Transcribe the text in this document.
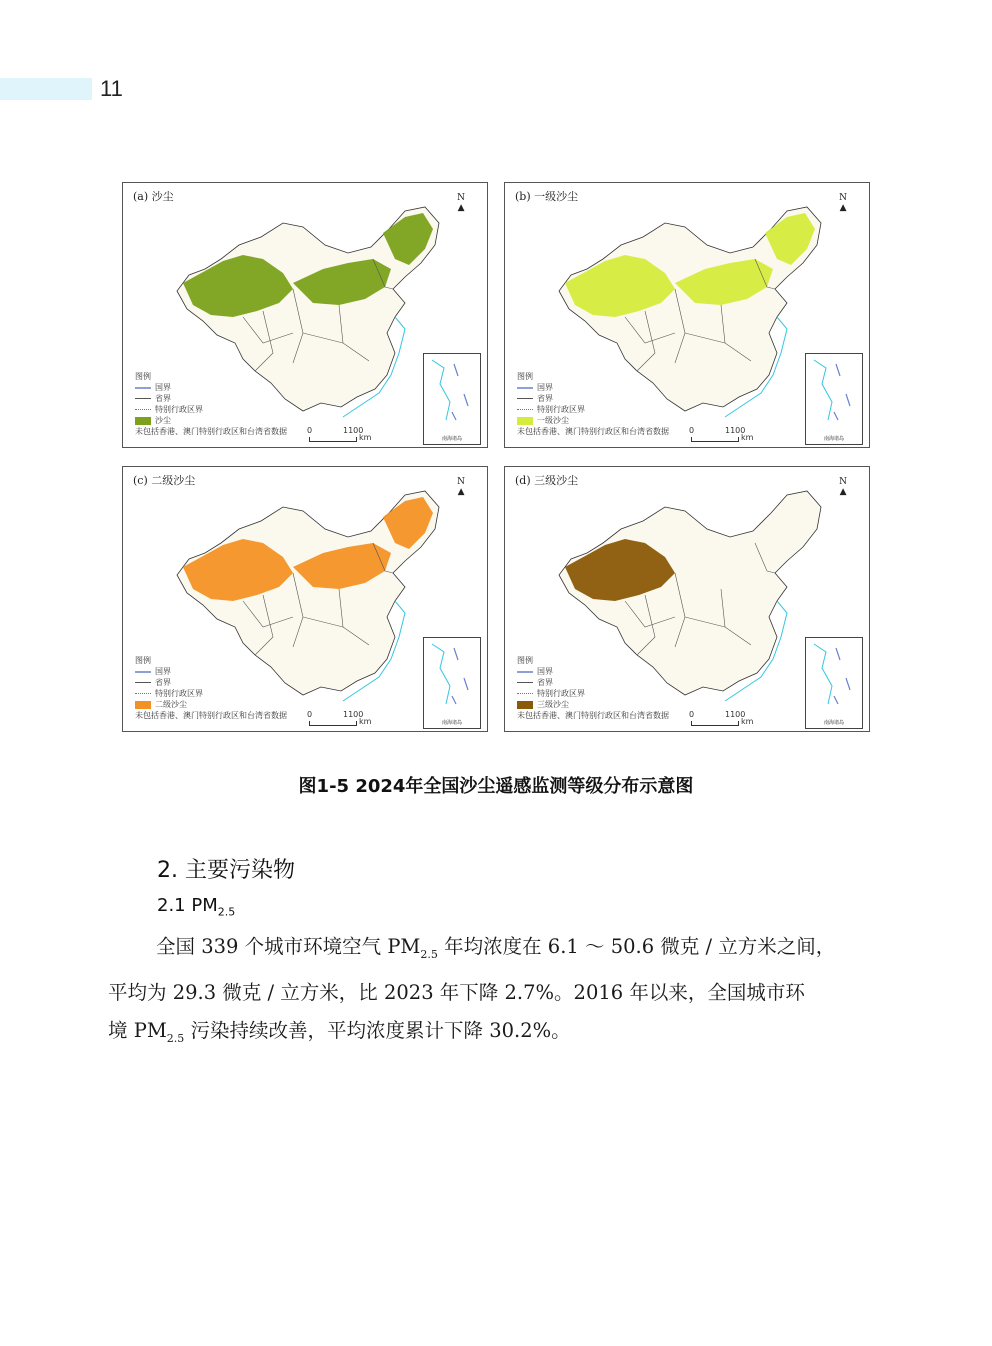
11
(a) 沙尘	N
▲
图例
国界
省界
特别行政区界
沙尘
未包括香港、澳门特别行政区和台湾省数据	0	1100
km	南海诸岛
(b) 一级沙尘	N
▲
图例
国界
省界
特别行政区界
一级沙尘
未包括香港、澳门特别行政区和台湾省数据	0	1100
km	南海诸岛
(c) 二级沙尘	N
▲
图例
国界
省界
特别行政区界
二级沙尘
未包括香港、澳门特别行政区和台湾省数据	0	1100
km	南海诸岛
(d) 三级沙尘	N
▲
图例
国界
省界
特别行政区界
三级沙尘
未包括香港、澳门特别行政区和台湾省数据	0	1100
km	南海诸岛
图1-5 2024年全国沙尘遥感监测等级分布示意图
2. 主要污染物
2.1 $PM_{2.5}$
全国 339 个城市环境空气 $PM_{2.5}$ 年均浓度在 6.1 ～ 50.6 微克 / 立方米之间，
平均为 29.3 微克 / 立方米，比 2023 年下降 2.7%。2016 年以来，全国城市环
境 $PM_{2.5}$ 污染持续改善，平均浓度累计下降 30.2%。
